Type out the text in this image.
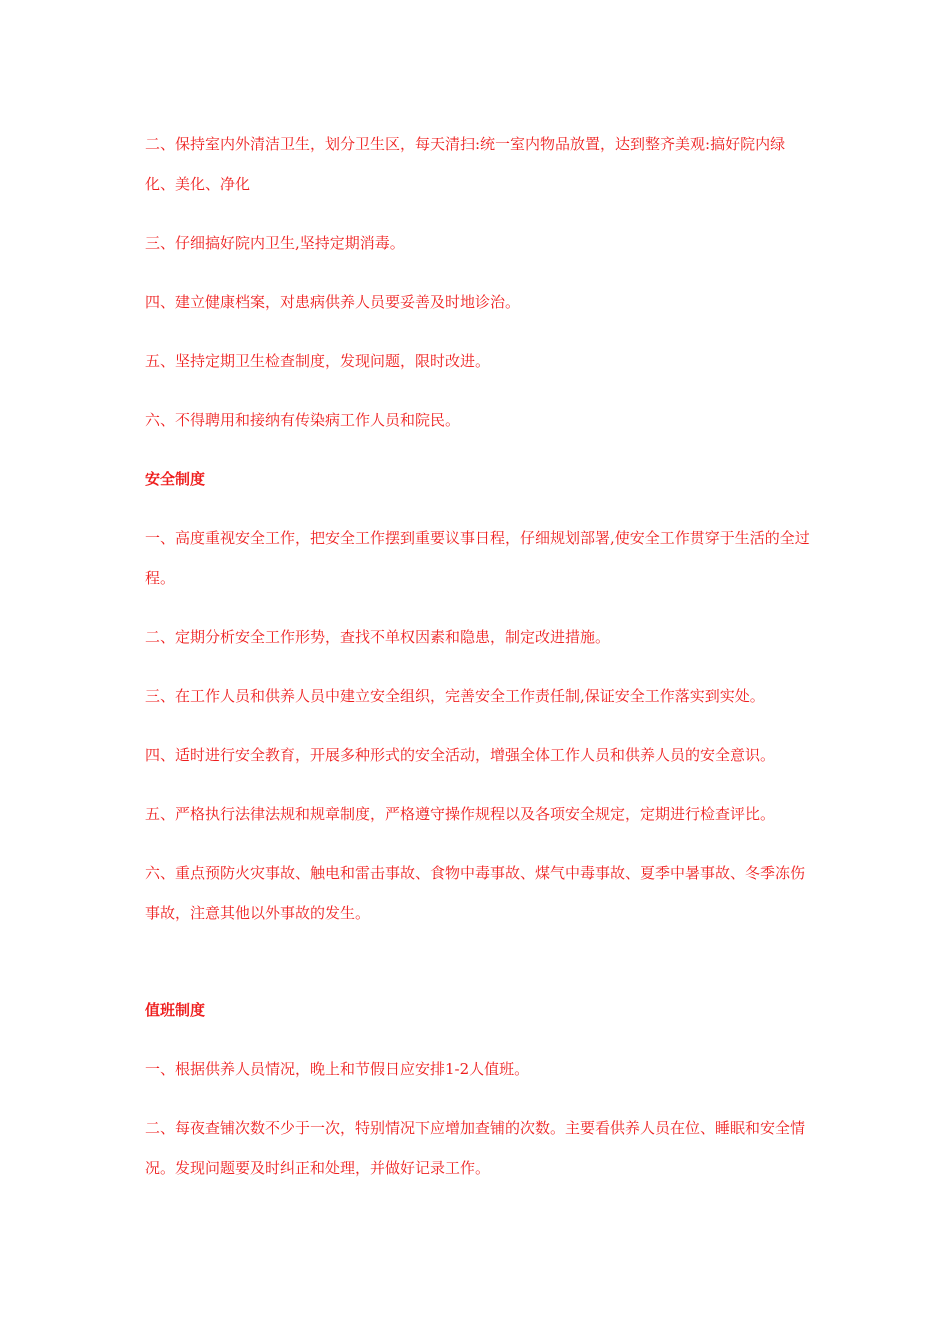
二、保持室内外清洁卫生，划分卫生区，每天清扫:统一室内物品放置，达到整齐美观:搞好院内绿化、美化、净化

三、仔细搞好院内卫生,坚持定期消毒。

四、建立健康档案，对患病供养人员要妥善及时地诊治。

五、坚持定期卫生检查制度，发现问题，限时改进。

六、不得聘用和接纳有传染病工作人员和院民。

安全制度

一、高度重视安全工作，把安全工作摆到重要议事日程，仔细规划部署,使安全工作贯穿于生活的全过程。

二、定期分析安全工作形势，查找不单权因素和隐患，制定改进措施。

三、在工作人员和供养人员中建立安全组织，完善安全工作责任制,保证安全工作落实到实处。

四、适时进行安全教育，开展多种形式的安全活动，增强全体工作人员和供养人员的安全意识。

五、严格执行法律法规和规章制度，严格遵守操作规程以及各项安全规定，定期进行检查评比。

六、重点预防火灾事故、触电和雷击事故、食物中毒事故、煤气中毒事故、夏季中暑事故、冬季冻伤事故，注意其他以外事故的发生。

值班制度

一、根据供养人员情况，晚上和节假日应安排1-2人值班。

二、每夜查铺次数不少于一次，特别情况下应增加查铺的次数。主要看供养人员在位、睡眠和安全情况。发现问题要及时纠正和处理，并做好记录工作。
